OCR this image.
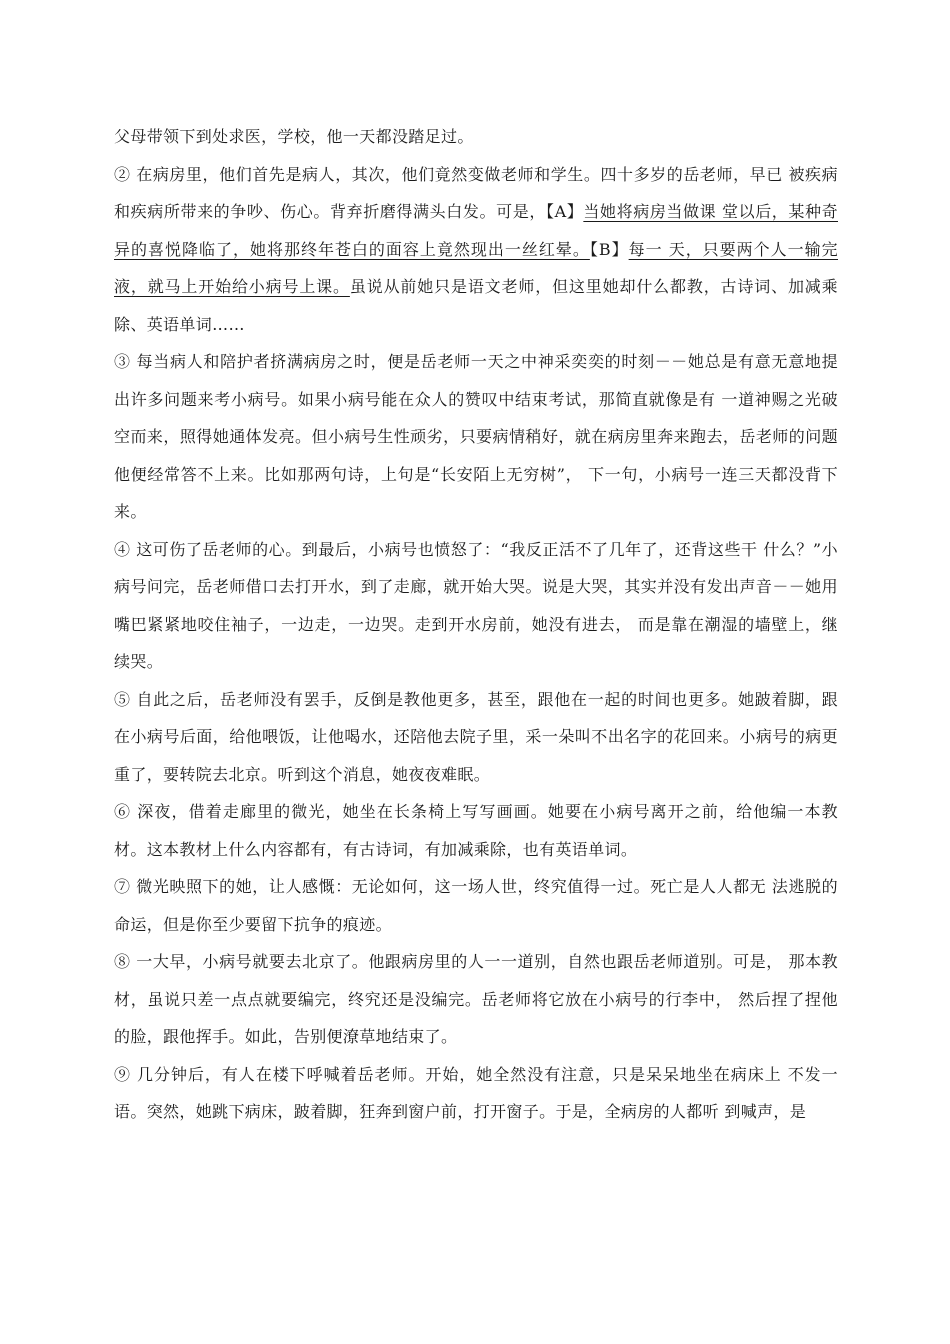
父母带领下到处求医，学校，他一天都没踏足过。

② 在病房里，他们首先是病人，其次，他们竟然变做老师和学生。四十多岁的岳老师，早已 被疾病和疾病所带来的争吵、伤心。背弃折磨得满头白发。可是，【A】当她将病房当做课 堂以后，某种奇异的喜悦降临了，她将那终年苍白的面容上竟然现出一丝红晕。【B】每一 天，只要两个人一输完液，就马上开始给小病号上课。虽说从前她只是语文老师，但这里她却什么都教，古诗词、加减乘除、英语单词……

③ 每当病人和陪护者挤满病房之时，便是岳老师一天之中神采奕奕的时刻－－她总是有意无意地提出许多问题来考小病号。如果小病号能在众人的赞叹中结束考试，那简直就像是有 一道神赐之光破空而来，照得她通体发亮。但小病号生性顽劣，只要病情稍好，就在病房里奔来跑去，岳老师的问题他便经常答不上来。比如那两句诗，上句是“长安陌上无穷树”， 下一句，小病号一连三天都没背下来。

④ 这可伤了岳老师的心。到最后，小病号也愤怒了：“我反正活不了几年了，还背这些干 什么？”小病号问完，岳老师借口去打开水，到了走廊，就开始大哭。说是大哭，其实并没有发出声音－－她用嘴巴紧紧地咬住袖子，一边走，一边哭。走到开水房前，她没有进去， 而是靠在潮湿的墙壁上，继续哭。

⑤ 自此之后，岳老师没有罢手，反倒是教他更多，甚至，跟他在一起的时间也更多。她跛着脚，跟在小病号后面，给他喂饭，让他喝水，还陪他去院子里，采一朵叫不出名字的花回来。小病号的病更重了，要转院去北京。听到这个消息，她夜夜难眠。

⑥ 深夜，借着走廊里的微光，她坐在长条椅上写写画画。她要在小病号离开之前，给他编一本教材。这本教材上什么内容都有，有古诗词，有加减乘除，也有英语单词。

⑦ 微光映照下的她，让人感慨：无论如何，这一场人世，终究值得一过。死亡是人人都无 法逃脱的命运，但是你至少要留下抗争的痕迹。

⑧ 一大早，小病号就要去北京了。他跟病房里的人一一道别，自然也跟岳老师道别。可是， 那本教材，虽说只差一点点就要编完，终究还是没编完。岳老师将它放在小病号的行李中， 然后捏了捏他的脸，跟他挥手。如此，告别便潦草地结束了。

⑨ 几分钟后，有人在楼下呼喊着岳老师。开始，她全然没有注意，只是呆呆地坐在病床上 不发一语。突然，她跳下病床，跛着脚，狂奔到窗户前，打开窗子。于是，全病房的人都听 到喊声，是
